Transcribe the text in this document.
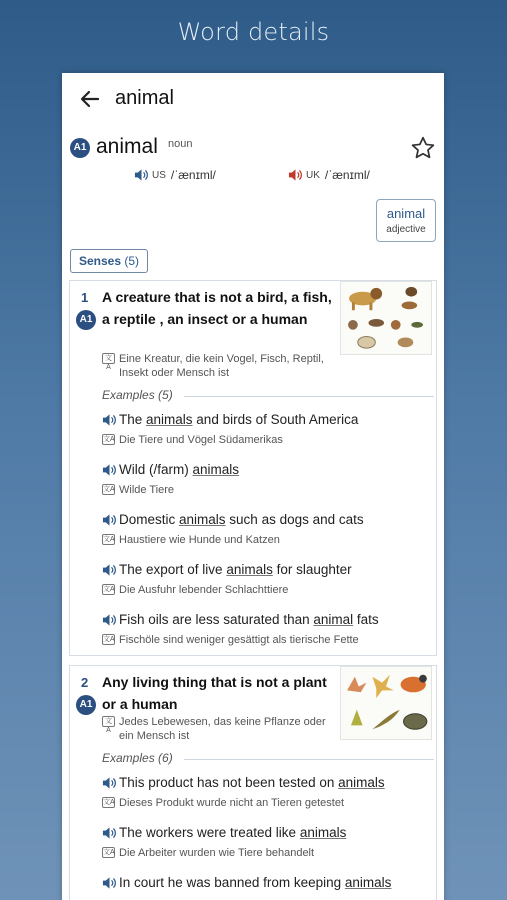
Word details
animal
A1 animal noun
US /ˈænɪml/	UK /ˈænɪml/
animal
adjective
Senses (5)
1
A1
A creature that is not a bird, a fish, a reptile , an insect or a human
文A
Eine Kreatur, die kein Vogel, Fisch, Reptil, Insekt oder Mensch ist
Examples (5)
The animals and birds of South America
文A Die Tiere und Vögel Südamerikas
Wild (/farm) animals
文A Wilde Tiere
Domestic animals such as dogs and cats
文A Haustiere wie Hunde und Katzen
The export of live animals for slaughter
文A Die Ausfuhr lebender Schlachttiere
Fish oils are less saturated than animal fats
文A Fischöle sind weniger gesättigt als tierische Fette
2
A1
Any living thing that is not a plant or a human
文A
Jedes Lebewesen, das keine Pflanze oder ein Mensch ist
Examples (6)
This product has not been tested on animals
文A Dieses Produkt wurde nicht an Tieren getestet
The workers were treated like animals
文A Die Arbeiter wurden wie Tiere behandelt
In court he was banned from keeping animals
